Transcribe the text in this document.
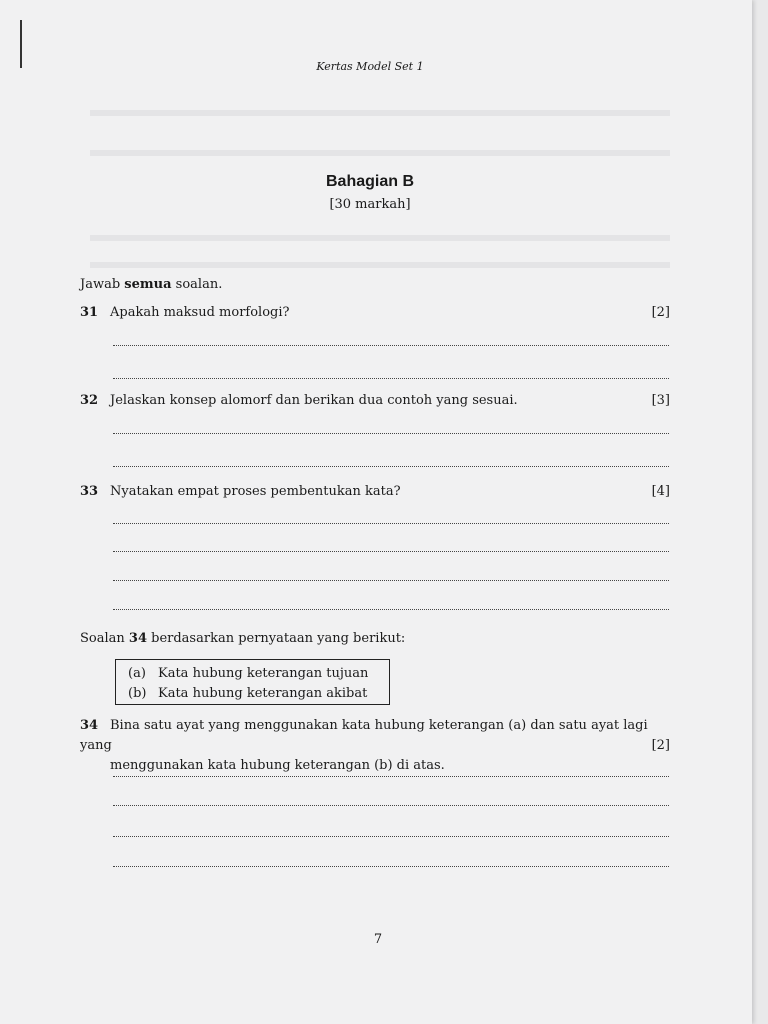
Kertas Model Set 1
Bahagian B
[30 markah]
Jawab semua soalan.
31 Apakah maksud morfologi?	[2]
32 Jelaskan konsep alomorf dan berikan dua contoh yang sesuai.	[3]
33 Nyatakan empat proses pembentukan kata?	[4]
Soalan 34 berdasarkan pernyataan yang berikut:
(a) Kata hubung keterangan tujuan
(b) Kata hubung keterangan akibat
34 Bina satu ayat yang menggunakan kata hubung keterangan (a) dan satu ayat lagi yang
menggunakan kata hubung keterangan (b) di atas.
[2]
7
